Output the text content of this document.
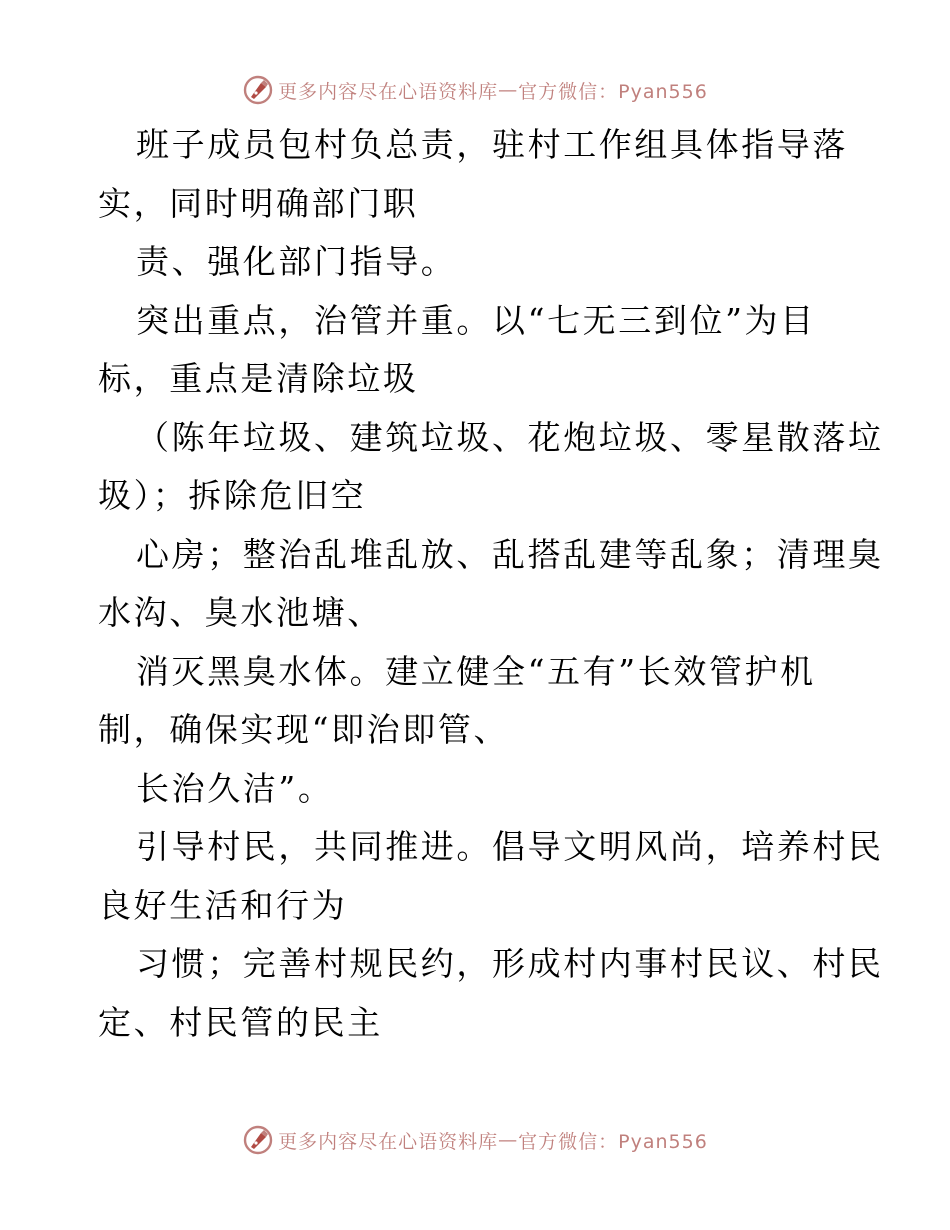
更多内容尽在心语资料库 — 官方微信：Pyan556
班子成员包村负总责，驻村工作组具体指导落
实，同时明确部门职
责、强化部门指导。
突出重点，治管并重。以“七无三到位”为目
标，重点是清除垃圾
（陈年垃圾、建筑垃圾、花炮垃圾、零星散落垃
圾）；拆除危旧空
心房；整治乱堆乱放、乱搭乱建等乱象；清理臭
水沟、臭水池塘、
消灭黑臭水体。建立健全“五有”长效管护机
制，确保实现“即治即管、
长治久洁”。
引导村民，共同推进。倡导文明风尚，培养村民
良好生活和行为
习惯；完善村规民约，形成村内事村民议、村民
定、村民管的民主
更多内容尽在心语资料库 — 官方微信：Pyan556
